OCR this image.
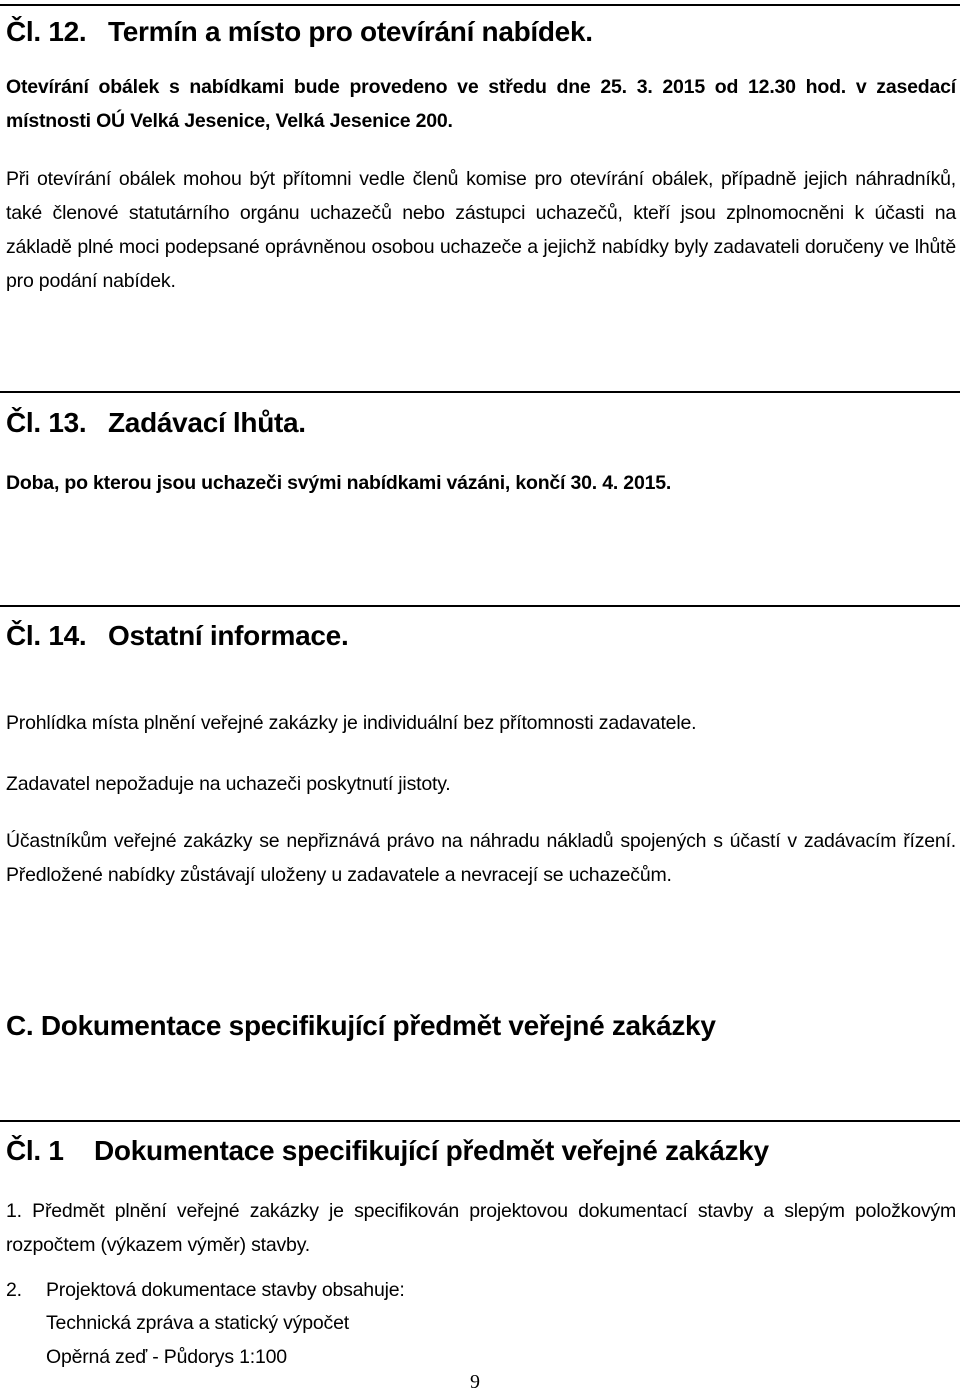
Čl. 12. Termín a místo pro otevírání nabídek.

Otevírání obálek s nabídkami bude provedeno ve středu dne 25. 3. 2015 od 12.30 hod. v zasedací místnosti OÚ Velká Jesenice, Velká Jesenice 200.

Při otevírání obálek mohou být přítomni vedle členů komise pro otevírání obálek, případně jejich náhradníků, také členové statutárního orgánu uchazečů nebo zástupci uchazečů, kteří jsou zplnomocněni k účasti na základě plné moci podepsané oprávněnou osobou uchazeče a jejichž nabídky byly zadavateli doručeny ve lhůtě pro podání nabídek.

Čl. 13. Zadávací lhůta.

Doba, po kterou jsou uchazeči svými nabídkami vázáni, končí 30. 4. 2015.

Čl. 14. Ostatní informace.

Prohlídka místa plnění veřejné zakázky je individuální bez přítomnosti zadavatele.

Zadavatel nepožaduje na uchazeči poskytnutí jistoty.

Účastníkům veřejné zakázky se nepřiznává právo na náhradu nákladů spojených s účastí v zadávacím řízení. Předložené nabídky zůstávají uloženy u zadavatele a nevracejí se uchazečům.

C. Dokumentace specifikující předmět veřejné zakázky
Čl. 1 Dokumentace specifikující předmět veřejné zakázky

1. Předmět plnění veřejné zakázky je specifikován projektovou dokumentací stavby a slepým položkovým rozpočtem (výkazem výměr) stavby.

2. Projektová dokumentace stavby obsahuje:

Technická zpráva a statický výpočet

Opěrná zeď - Půdorys 1:100

9
